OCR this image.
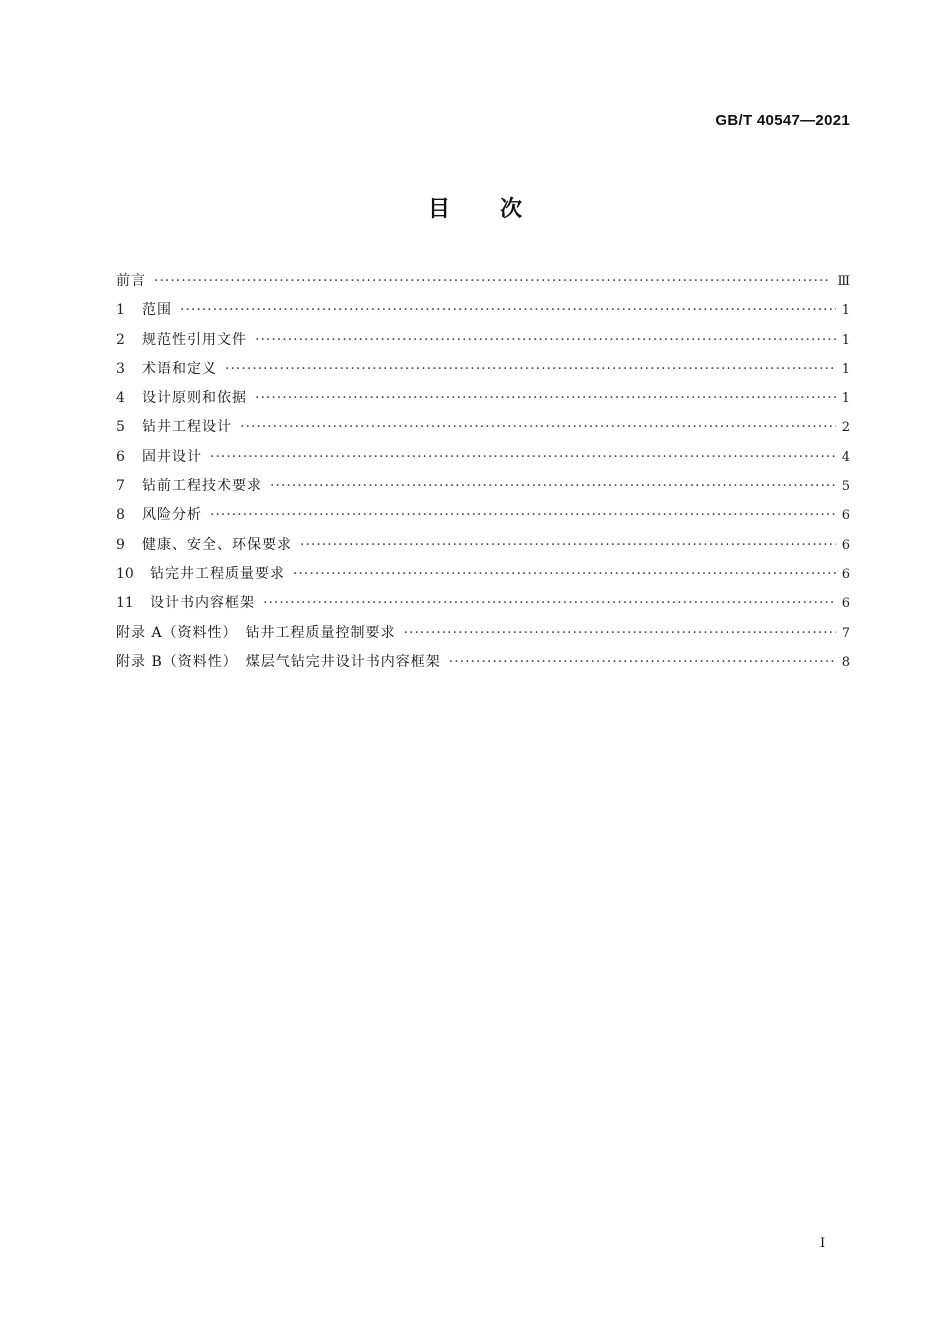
GB/T 40547—2021
目次
前言 ·····	Ⅲ
1	范围 ·····	1
2	规范性引用文件 ·····	1
3	术语和定义 ·····	1
4	设计原则和依据 ·····	1
5	钻井工程设计 ·····	2
6	固井设计 ·····	4
7	钻前工程技术要求 ·····	5
8	风险分析 ·····	6
9	健康、安全、环保要求 ·····	6
10	钻完井工程质量要求 ·····	6
11	设计书内容框架 ·····	6
附录 A（资料性）　钻井工程质量控制要求 ·····	7
附录 B（资料性）　煤层气钻完井设计书内容框架 ·····	8
I
